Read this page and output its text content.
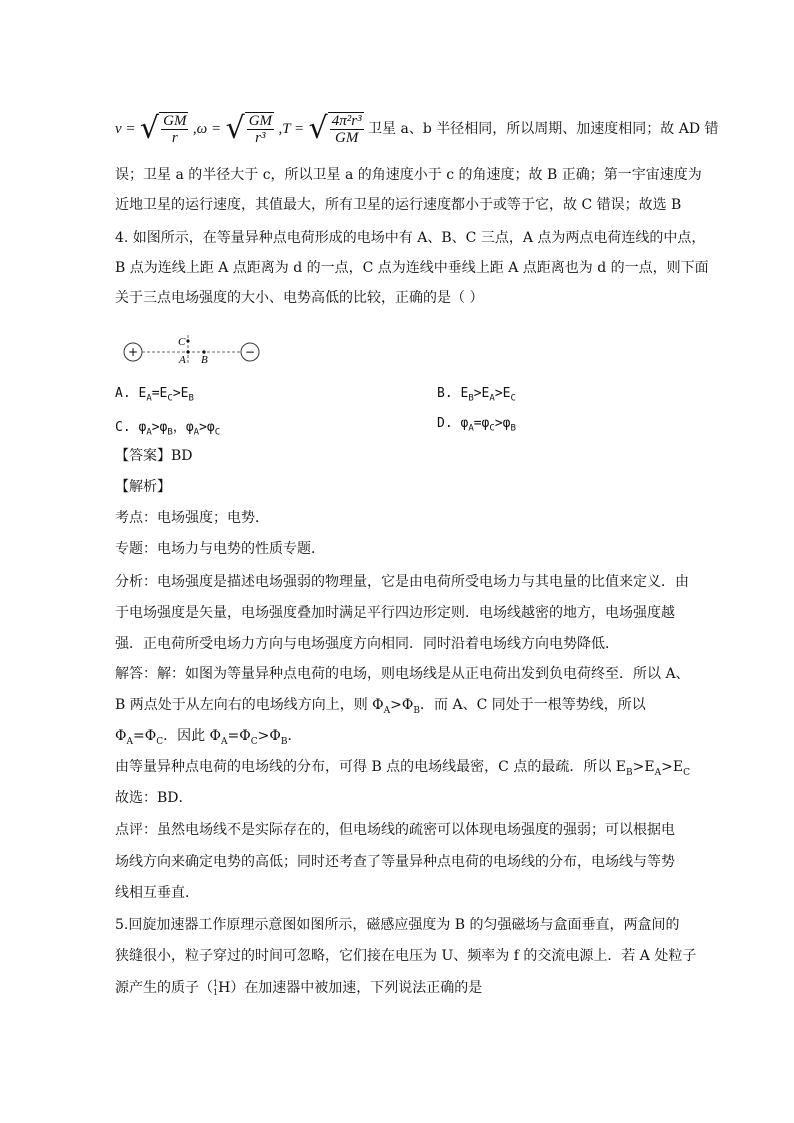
v = √ $\frac{GM}{r} ,\omega$ = √ $\frac{GM}{\text{r³}} ,T$ = √ $\frac{\text{4π²r³}}{GM}$ 卫星 a、b 半径相同，所以周期、加速度相同；故 AD 错
误；卫星 a 的半径大于 c，所以卫星 a 的角速度小于 c 的角速度；故 B 正确；第一宇宙速度为
近地卫星的运行速度，其值最大，所有卫星的运行速度都小于或等于它，故 C 错误；故选 B
4. 如图所示，在等量异种点电荷形成的电场中有 A、B、C 三点，A 点为两点电荷连线的中点，
B 点为连线上距 A 点距离为 d 的一点，C 点为连线中垂线上距 A 点距离也为 d 的一点，则下面
关于三点电场强度的大小、电势高低的比较，正确的是（ ）
+	−
C
A B
A. $E_A=E_C>E_B$	B. $E_B>E_A>E_C$
C. $\varphi_A>\varphi_B$，$\varphi_A>\varphi_C$
D. $\varphi_A=\varphi_C>\varphi_B$
【答案】BD
【解析】
考点：电场强度；电势．
专题：电场力与电势的性质专题．
分析：电场强度是描述电场强弱的物理量，它是由电荷所受电场力与其电量的比值来定义．由
于电场强度是矢量，电场强度叠加时满足平行四边形定则．电场线越密的地方，电场强度越
强．正电荷所受电场力方向与电场强度方向相同．同时沿着电场线方向电势降低．
解答：解：如图为等量异种点电荷的电场，则电场线是从正电荷出发到负电荷终至．所以 A、
B 两点处于从左向右的电场线方向上，则 $\Phi_A>\Phi_B$．而 A、C 同处于一根等势线，所以
$\Phi_A=\Phi_C$．因此 $\Phi_A=\Phi_C>\Phi_B$．
由等量异种点电荷的电场线的分布，可得 B 点的电场线最密，C 点的最疏．所以 $E_B>E_A>E_C$
故选：BD．
点评：虽然电场线不是实际存在的，但电场线的疏密可以体现电场强度的强弱；可以根据电
场线方向来确定电势的高低；同时还考查了等量异种点电荷的电场线的分布，电场线与等势
线相互垂直．
5.回旋加速器工作原理示意图如图所示，磁感应强度为 B 的匀强磁场与盒面垂直，两盒间的
狭缝很小，粒子穿过的时间可忽略，它们接在电压为 U、频率为 f 的交流电源上．若 A 处粒子
源产生的质子（ 1
1 H）在加速器中被加速，下列说法正确的是
